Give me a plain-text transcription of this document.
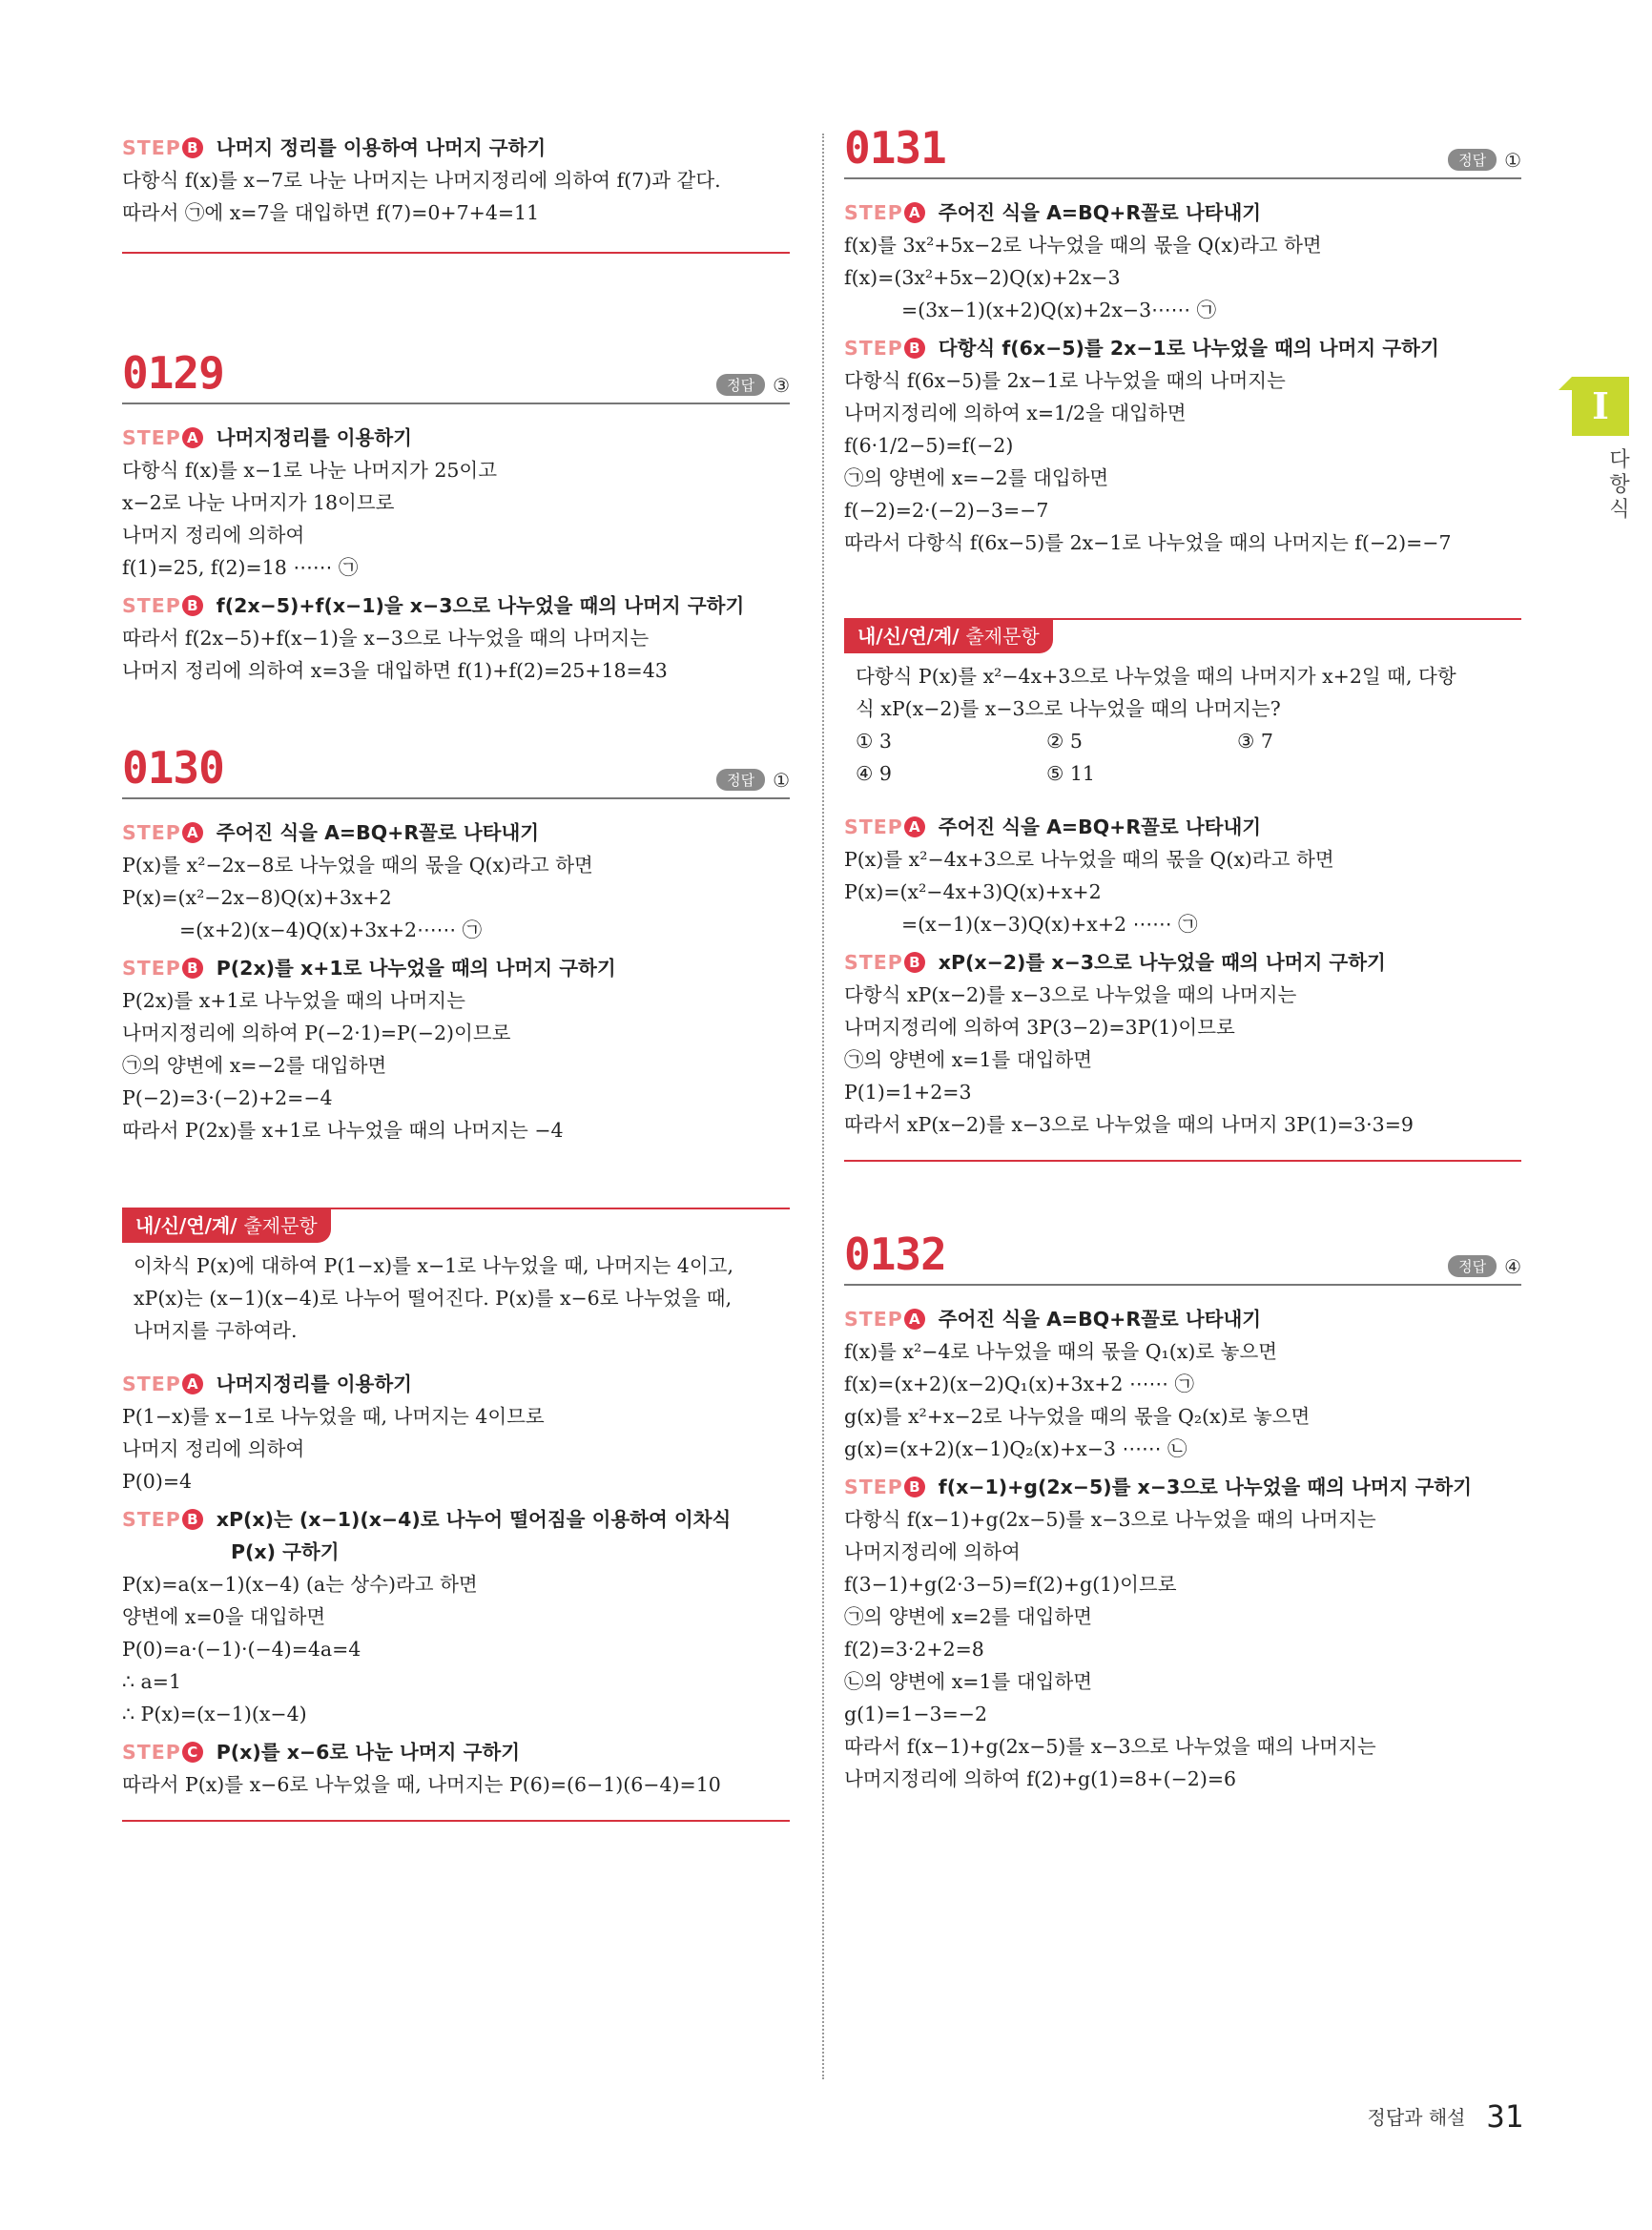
STEP B 나머지 정리를 이용하여 나머지 구하기
다항식 f(x)를 x−7로 나눈 나머지는 나머지정리에 의하여 f(7)과 같다.
따라서 ㉠에 x=7을 대입하면 f(7)=0+7+4=11
0129	정답 ③
STEP A 나머지정리를 이용하기
다항식 f(x)를 x−1로 나눈 나머지가 25이고
x−2로 나눈 나머지가 18이므로
나머지 정리에 의하여
f(1)=25, f(2)=18 ⋯⋯ ㉠
STEP B f(2x−5)+f(x−1)을 x−3으로 나누었을 때의 나머지 구하기
따라서 f(2x−5)+f(x−1)을 x−3으로 나누었을 때의 나머지는
나머지 정리에 의하여 x=3을 대입하면 f(1)+f(2)=25+18=43
0130	정답 ①
STEP A 주어진 식을 A=BQ+R꼴로 나타내기
P(x)를 x²−2x−8로 나누었을 때의 몫을 Q(x)라고 하면
P(x)=(x²−2x−8)Q(x)+3x+2
=(x+2)(x−4)Q(x)+3x+2⋯⋯ ㉠
STEP B P(2x)를 x+1로 나누었을 때의 나머지 구하기
P(2x)를 x+1로 나누었을 때의 나머지는
나머지정리에 의하여 P(−2·1)=P(−2)이므로
㉠의 양변에 x=−2를 대입하면
P(−2)=3·(−2)+2=−4
따라서 P(2x)를 x+1로 나누었을 때의 나머지는 −4
내/신/연/계/ 출제문항
이차식 P(x)에 대하여 P(1−x)를 x−1로 나누었을 때, 나머지는 4이고,
xP(x)는 (x−1)(x−4)로 나누어 떨어진다. P(x)를 x−6로 나누었을 때,
나머지를 구하여라.
STEP A 나머지정리를 이용하기
P(1−x)를 x−1로 나누었을 때, 나머지는 4이므로
나머지 정리에 의하여
P(0)=4
STEP B xP(x)는 (x−1)(x−4)로 나누어 떨어짐을 이용하여 이차식
P(x) 구하기
P(x)=a(x−1)(x−4) (a는 상수)라고 하면
양변에 x=0을 대입하면
P(0)=a·(−1)·(−4)=4a=4
∴ a=1
∴ P(x)=(x−1)(x−4)
STEP C P(x)를 x−6로 나눈 나머지 구하기
따라서 P(x)를 x−6로 나누었을 때, 나머지는 P(6)=(6−1)(6−4)=10
0131	정답 ①
STEP A 주어진 식을 A=BQ+R꼴로 나타내기
f(x)를 3x²+5x−2로 나누었을 때의 몫을 Q(x)라고 하면
f(x)=(3x²+5x−2)Q(x)+2x−3
=(3x−1)(x+2)Q(x)+2x−3⋯⋯ ㉠
STEP B 다항식 f(6x−5)를 2x−1로 나누었을 때의 나머지 구하기
다항식 f(6x−5)를 2x−1로 나누었을 때의 나머지는
나머지정리에 의하여 x=1/2을 대입하면
f(6·1/2−5)=f(−2)
㉠의 양변에 x=−2를 대입하면
f(−2)=2·(−2)−3=−7
따라서 다항식 f(6x−5)를 2x−1로 나누었을 때의 나머지는 f(−2)=−7
내/신/연/계/ 출제문항
다항식 P(x)를 x²−4x+3으로 나누었을 때의 나머지가 x+2일 때, 다항
식 xP(x−2)를 x−3으로 나누었을 때의 나머지는?
① 3	② 5	③ 7
④ 9	⑤ 11
STEP A 주어진 식을 A=BQ+R꼴로 나타내기
P(x)를 x²−4x+3으로 나누었을 때의 몫을 Q(x)라고 하면
P(x)=(x²−4x+3)Q(x)+x+2
=(x−1)(x−3)Q(x)+x+2 ⋯⋯ ㉠
STEP B xP(x−2)를 x−3으로 나누었을 때의 나머지 구하기
다항식 xP(x−2)를 x−3으로 나누었을 때의 나머지는
나머지정리에 의하여 3P(3−2)=3P(1)이므로
㉠의 양변에 x=1를 대입하면
P(1)=1+2=3
따라서 xP(x−2)를 x−3으로 나누었을 때의 나머지 3P(1)=3·3=9
0132	정답 ④
STEP A 주어진 식을 A=BQ+R꼴로 나타내기
f(x)를 x²−4로 나누었을 때의 몫을 Q₁(x)로 놓으면
f(x)=(x+2)(x−2)Q₁(x)+3x+2 ⋯⋯ ㉠
g(x)를 x²+x−2로 나누었을 때의 몫을 Q₂(x)로 놓으면
g(x)=(x+2)(x−1)Q₂(x)+x−3 ⋯⋯ ㉡
STEP B f(x−1)+g(2x−5)를 x−3으로 나누었을 때의 나머지 구하기
다항식 f(x−1)+g(2x−5)를 x−3으로 나누었을 때의 나머지는
나머지정리에 의하여
f(3−1)+g(2·3−5)=f(2)+g(1)이므로
㉠의 양변에 x=2를 대입하면
f(2)=3·2+2=8
㉡의 양변에 x=1를 대입하면
g(1)=1−3=−2
따라서 f(x−1)+g(2x−5)를 x−3으로 나누었을 때의 나머지는
나머지정리에 의하여 f(2)+g(1)=8+(−2)=6
I
다항식
정답과 해설 31
